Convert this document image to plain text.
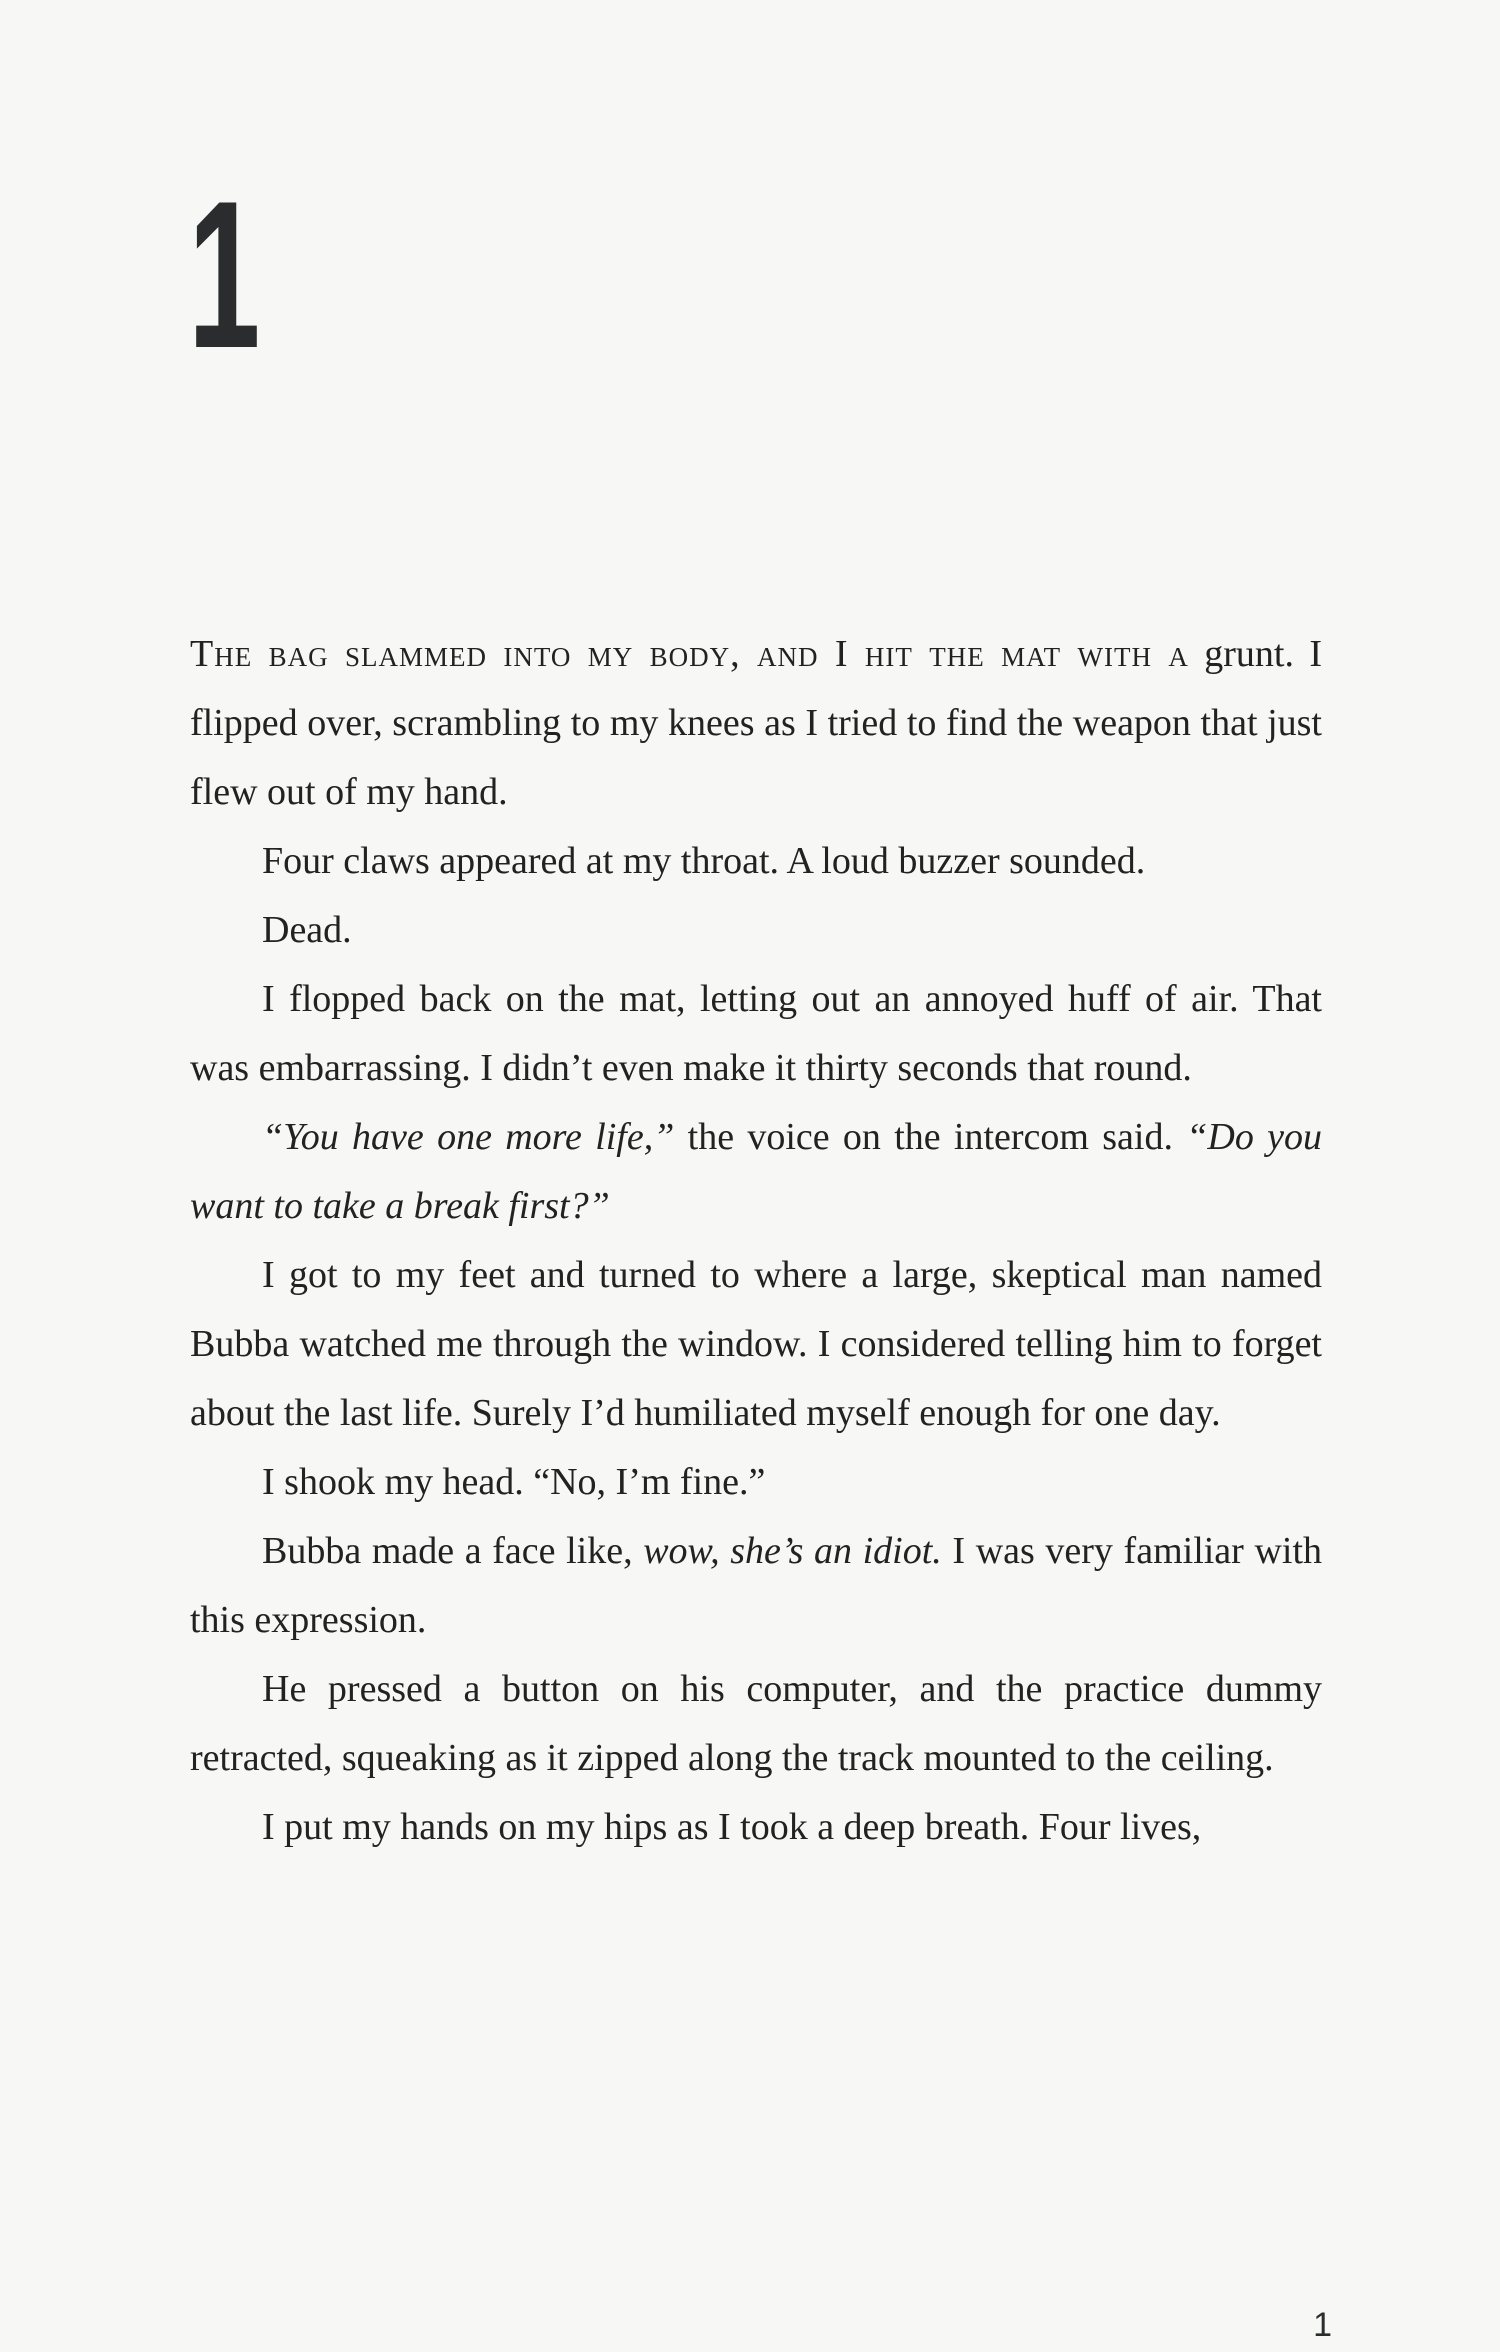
1

The bag slammed into my body, and I hit the mat with a grunt. I flipped over, scrambling to my knees as I tried to find the weapon that just flew out of my hand.

Four claws appeared at my throat. A loud buzzer sounded.

Dead.

I flopped back on the mat, letting out an annoyed huff of air. That was embarrassing. I didn’t even make it thirty seconds that round.

“You have one more life,” the voice on the intercom said. “Do you want to take a break first?”

I got to my feet and turned to where a large, skeptical man named Bubba watched me through the window. I considered telling him to forget about the last life. Surely I’d humiliated myself enough for one day.

I shook my head. “No, I’m fine.”

Bubba made a face like, wow, she’s an idiot. I was very familiar with this expression.

He pressed a button on his computer, and the practice dummy retracted, squeaking as it zipped along the track mounted to the ceiling.

I put my hands on my hips as I took a deep breath. Four lives,

1
